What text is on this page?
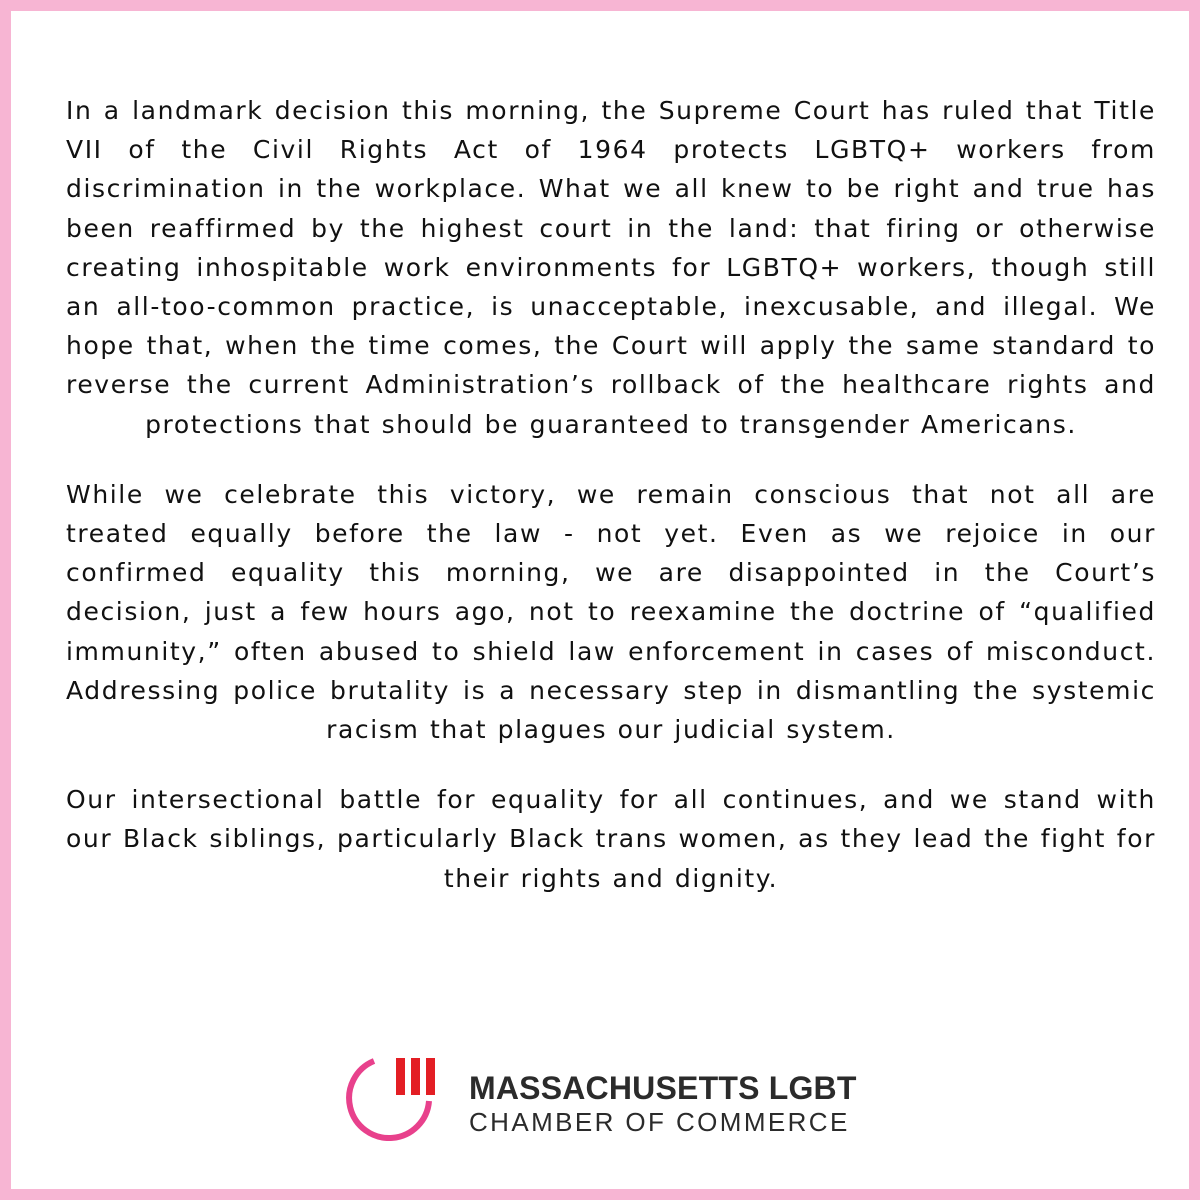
In a landmark decision this morning, the Supreme Court has ruled that Title VII of the Civil Rights Act of 1964 protects LGBTQ+ workers from discrimination in the workplace. What we all knew to be right and true has been reaffirmed by the highest court in the land: that firing or otherwise creating inhospitable work environments for LGBTQ+ workers, though still an all-too-common practice, is unacceptable, inexcusable, and illegal. We hope that, when the time comes, the Court will apply the same standard to reverse the current Administration’s rollback of the healthcare rights and protections that should be guaranteed to transgender Americans.

While we celebrate this victory, we remain conscious that not all are treated equally before the law - not yet. Even as we rejoice in our confirmed equality this morning, we are disappointed in the Court’s decision, just a few hours ago, not to reexamine the doctrine of “qualified immunity,” often abused to shield law enforcement in cases of misconduct. Addressing police brutality is a necessary step in dismantling the systemic racism that plagues our judicial system.

Our intersectional battle for equality for all continues, and we stand with our Black siblings, particularly Black trans women, as they lead the fight for their rights and dignity.

MASSACHUSETTS LGBT
CHAMBER OF COMMERCE
